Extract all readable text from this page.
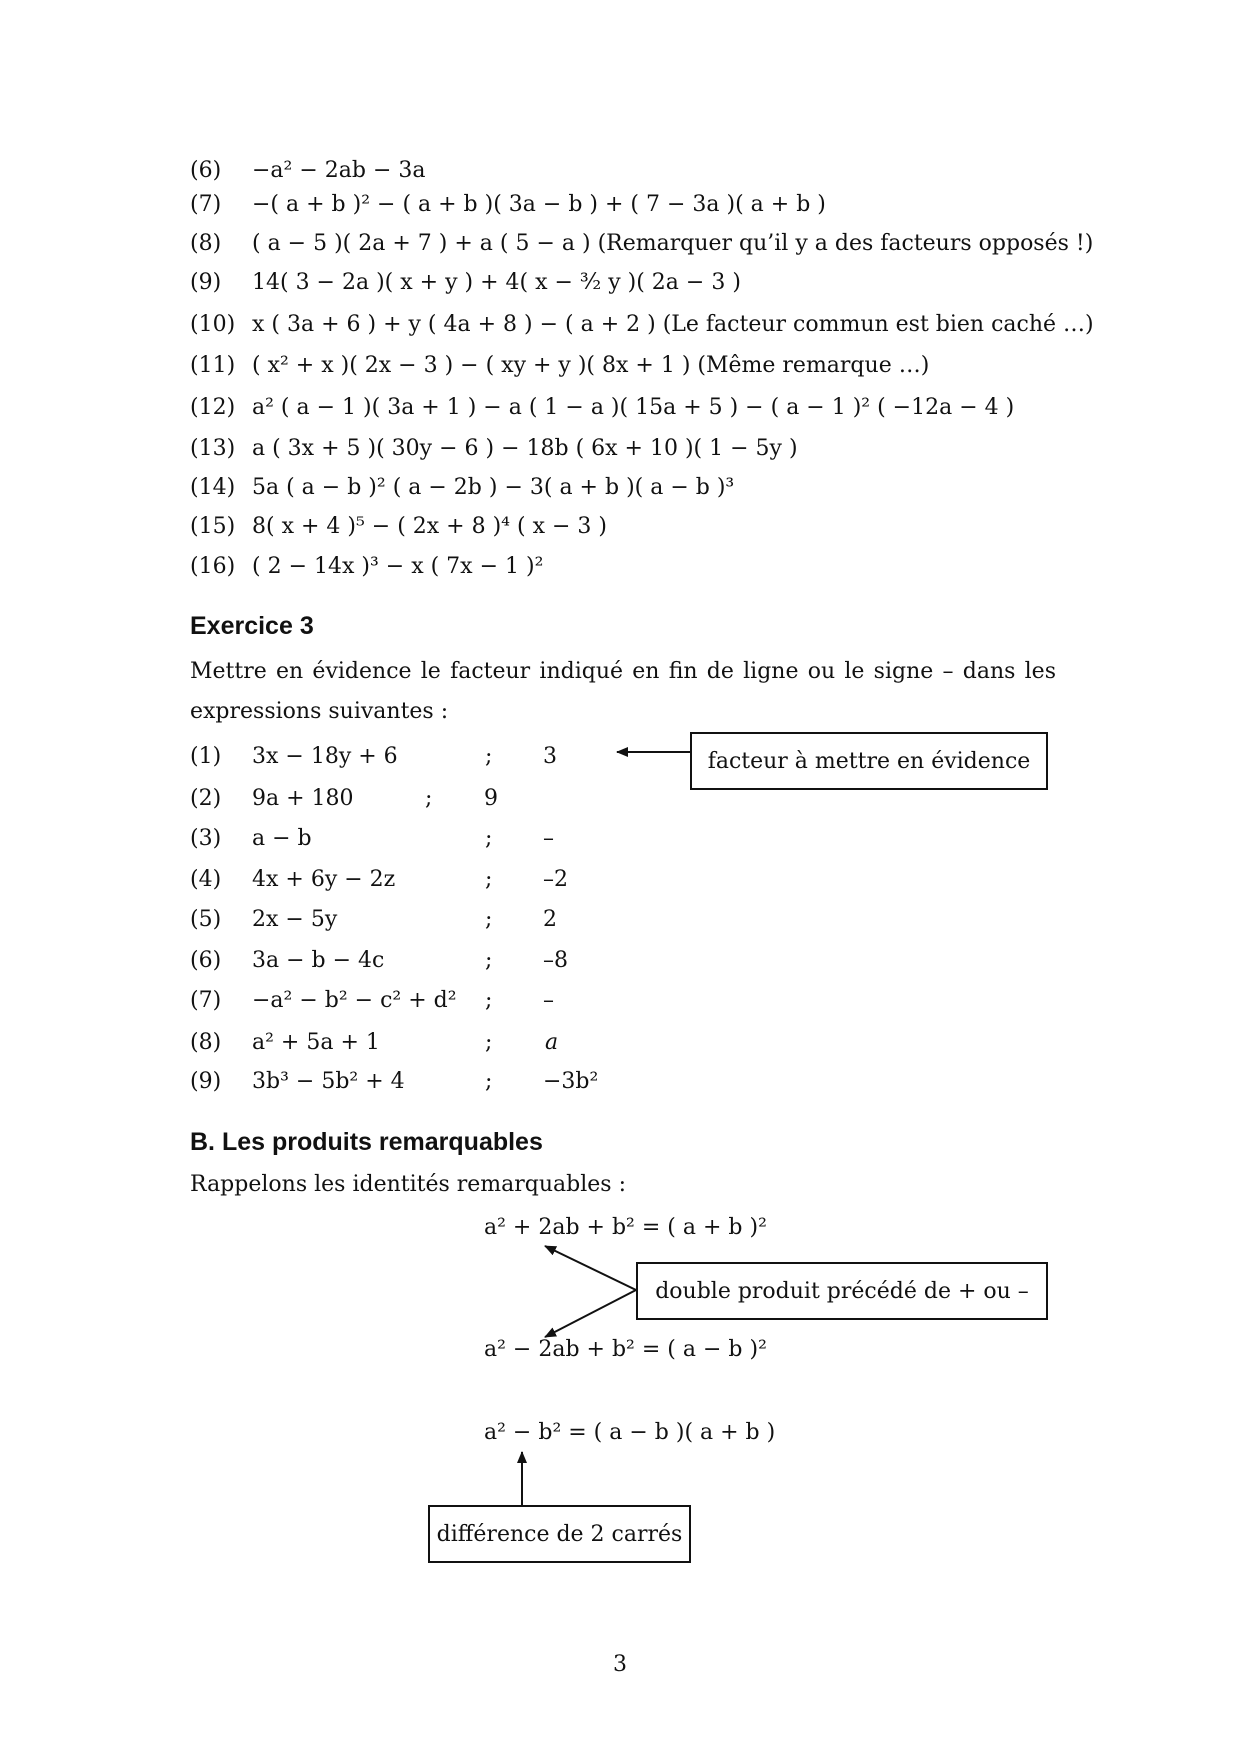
(6) −a² − 2ab − 3a
(7) −( a + b )² − ( a + b )( 3a − b ) + ( 7 − 3a )( a + b )
(8) ( a − 5 )( 2a + 7 ) + a ( 5 − a ) (Remarquer qu’il y a des facteurs opposés !)
(9) 14( 3 − 2a )( x + y ) + 4( x − ³⁄₂ y )( 2a − 3 )
(10) x ( 3a + 6 ) + y ( 4a + 8 ) − ( a + 2 ) (Le facteur commun est bien caché …)
(11) ( x² + x )( 2x − 3 ) − ( xy + y )( 8x + 1 ) (Même remarque …)
(12) a² ( a − 1 )( 3a + 1 ) − a ( 1 − a )( 15a + 5 ) − ( a − 1 )² ( −12a − 4 )
(13) a ( 3x + 5 )( 30y − 6 ) − 18b ( 6x + 10 )( 1 − 5y )
(14) 5a ( a − b )² ( a − 2b ) − 3( a + b )( a − b )³
(15) 8( x + 4 )⁵ − ( 2x + 8 )⁴ ( x − 3 )
(16) ( 2 − 14x )³ − x ( 7x − 1 )²
Exercice 3
Mettre en évidence le facteur indiqué en fin de ligne ou le signe – dans les expressions suivantes :
(1) 3x − 18y + 6	; 3
(2) 9a + 180	; 9
(3) a − b	; –
(4) 4x + 6y − 2z	; –2
(5) 2x − 5y	; 2
(6) 3a − b − 4c	; –8
(7) −a² − b² − c² + d² ; –
(8) a² + 5a + 1	; a
(9) 3b³ − 5b² + 4	; −3b²
facteur à mettre en évidence
B. Les produits remarquables
Rappelons les identités remarquables :
a² + 2ab + b² = ( a + b )²
a² − 2ab + b² = ( a − b )²
a² − b² = ( a − b )( a + b )
double produit précédé de + ou –
différence de 2 carrés
3
